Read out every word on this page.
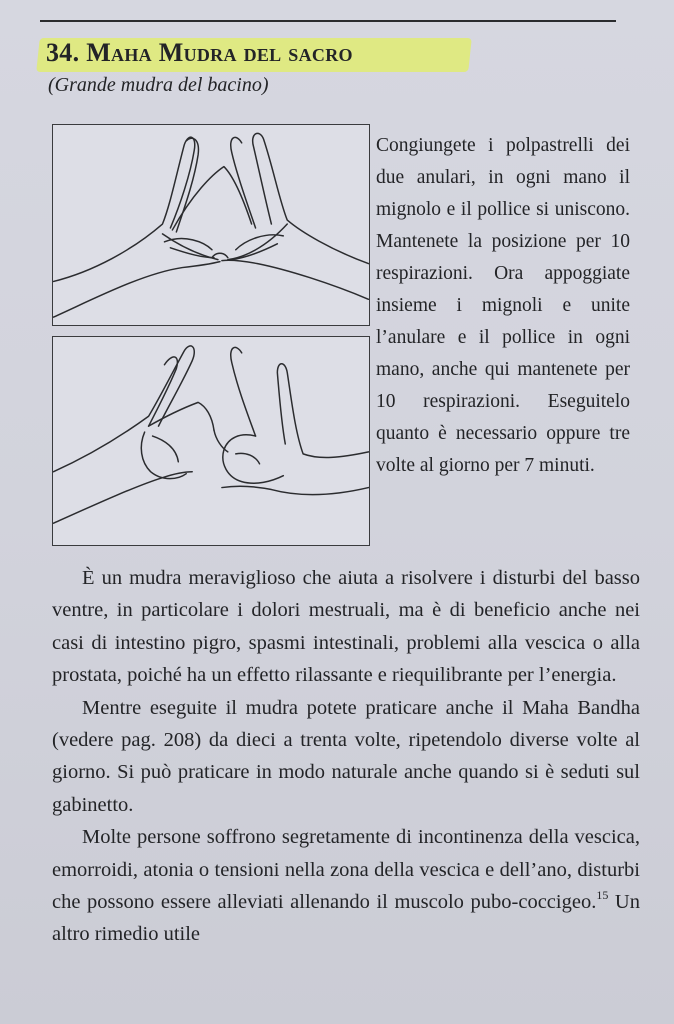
34. Maha Mudra del sacro
(Grande mudra del bacino)

Congiungete i polpastrelli dei due anulari, in ogni mano il mignolo e il pollice si uniscono. Mantenete la posizione per 10 respirazioni. Ora appoggiate insieme i mignoli e unite l’anulare e il pollice in ogni mano, anche qui mantenete per 10 respirazioni. Eseguitelo quanto è necessario oppure tre volte al giorno per 7 minuti.

È un mudra meraviglioso che aiuta a risolvere i disturbi del basso ventre, in particolare i dolori mestruali, ma è di beneficio anche nei casi di intestino pigro, spasmi intestinali, problemi alla vescica o alla prostata, poiché ha un effetto rilassante e riequilibrante per l’energia.

Mentre eseguite il mudra potete praticare anche il Maha Bandha (vedere pag. 208) da dieci a trenta volte, ripetendolo diverse volte al giorno. Si può praticare in modo naturale anche quando si è seduti sul gabinetto.

Molte persone soffrono segretamente di incontinenza della vescica, emorroidi, atonia o tensioni nella zona della vescica e dell’ano, disturbi che possono essere alleviati allenando il muscolo pubo-coccigeo.$^{15}$ Un altro rimedio utile
